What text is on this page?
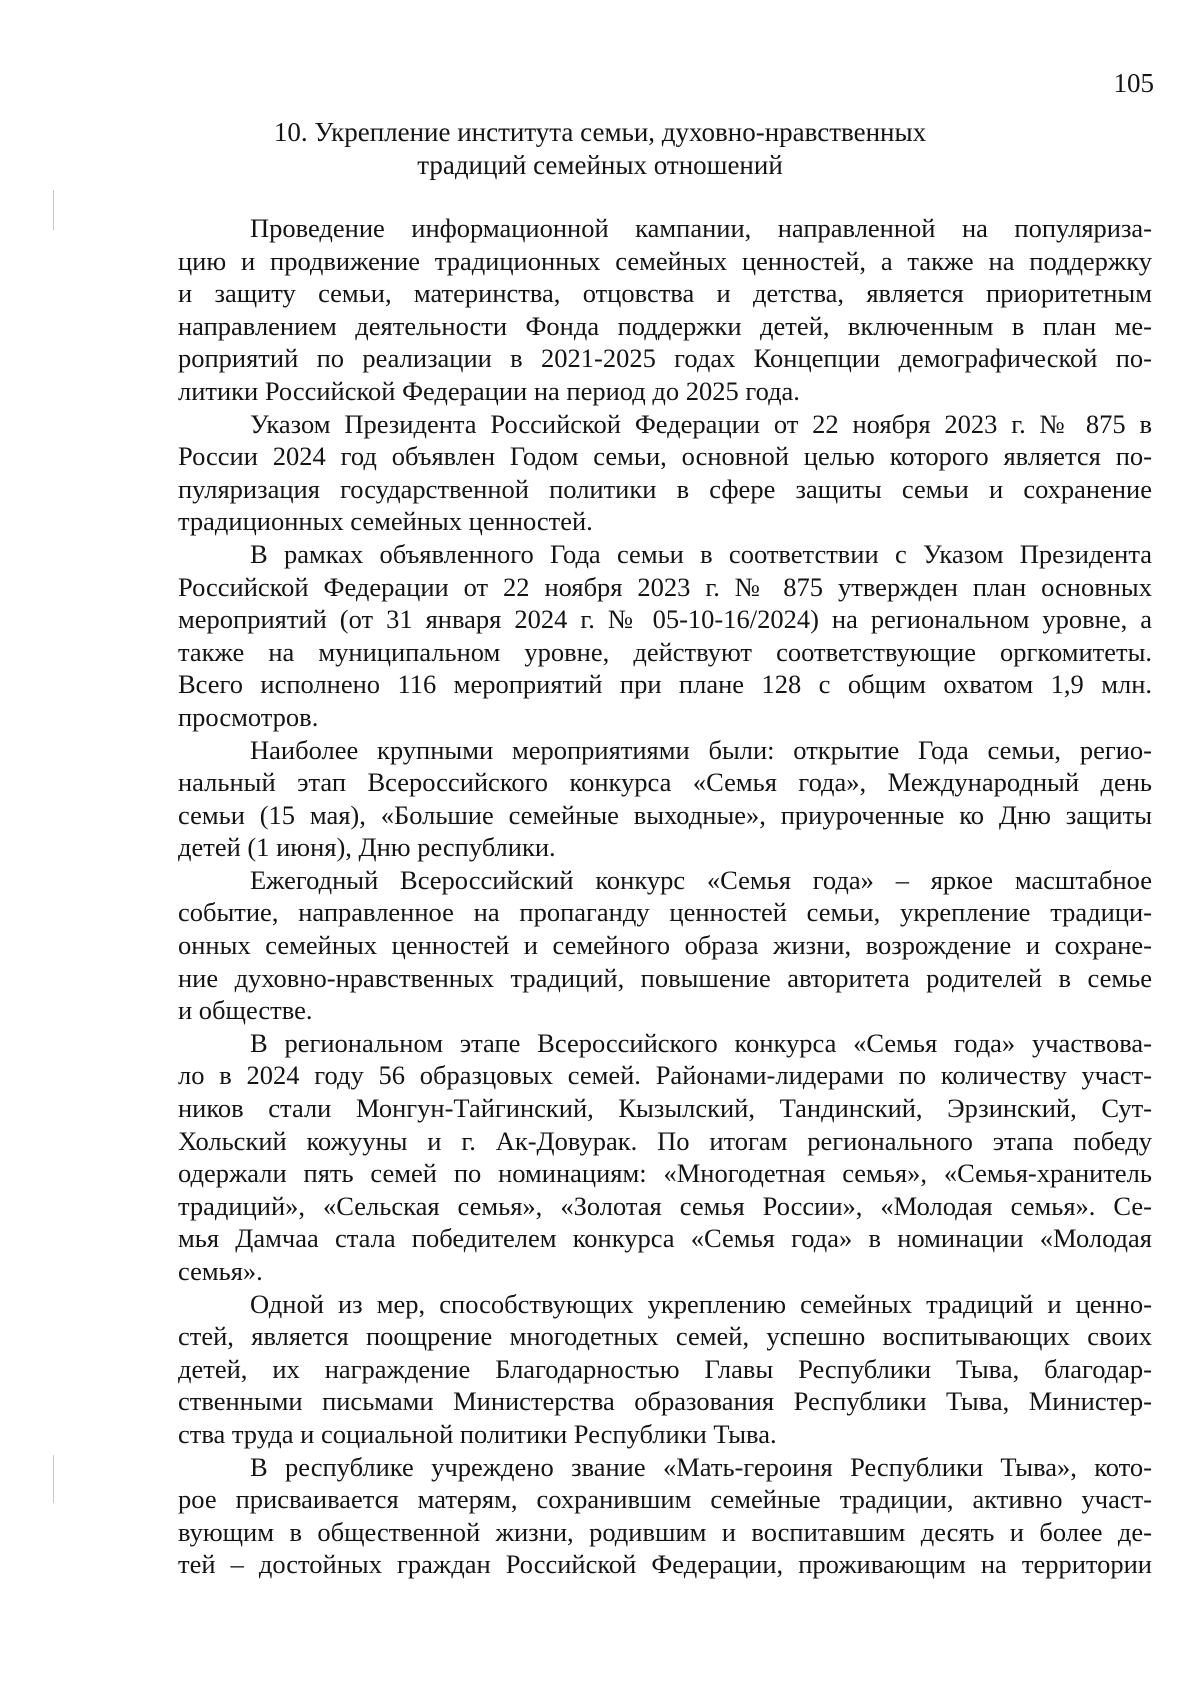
105
10. Укрепление института семьи, духовно-нравственных
традиций семейных отношений
Проведение информационной кампании, направленной на популяриза-
цию и продвижение традиционных семейных ценностей, а также на поддержку
и защиту семьи, материнства, отцовства и детства, является приоритетным
направлением деятельности Фонда поддержки детей, включенным в план ме-
роприятий по реализации в 2021-2025 годах Концепции демографической по-
литики Российской Федерации на период до 2025 года.
Указом Президента Российской Федерации от 22 ноября 2023 г. № 875 в
России 2024 год объявлен Годом семьи, основной целью которого является по-
пуляризация государственной политики в сфере защиты семьи и сохранение
традиционных семейных ценностей.
В рамках объявленного Года семьи в соответствии с Указом Президента
Российской Федерации от 22 ноября 2023 г. № 875 утвержден план основных
мероприятий (от 31 января 2024 г. № 05-10-16/2024) на региональном уровне, а
также на муниципальном уровне, действуют соответствующие оргкомитеты.
Всего исполнено 116 мероприятий при плане 128 с общим охватом 1,9 млн.
просмотров.
Наиболее крупными мероприятиями были: открытие Года семьи, регио-
нальный этап Всероссийского конкурса «Семья года», Международный день
семьи (15 мая), «Большие семейные выходные», приуроченные ко Дню защиты
детей (1 июня), Дню республики.
Ежегодный Всероссийский конкурс «Семья года» – яркое масштабное
событие, направленное на пропаганду ценностей семьи, укрепление традици-
онных семейных ценностей и семейного образа жизни, возрождение и сохране-
ние духовно-нравственных традиций, повышение авторитета родителей в семье
и обществе.
В региональном этапе Всероссийского конкурса «Семья года» участвова-
ло в 2024 году 56 образцовых семей. Районами-лидерами по количеству участ-
ников стали Монгун-Тайгинский, Кызылский, Тандинский, Эрзинский, Сут-
Хольский кожууны и г. Ак-Довурак. По итогам регионального этапа победу
одержали пять семей по номинациям: «Многодетная семья», «Семья-хранитель
традиций», «Сельская семья», «Золотая семья России», «Молодая семья». Се-
мья Дамчаа стала победителем конкурса «Семья года» в номинации «Молодая
семья».
Одной из мер, способствующих укреплению семейных традиций и ценно-
стей, является поощрение многодетных семей, успешно воспитывающих своих
детей, их награждение Благодарностью Главы Республики Тыва, благодар-
ственными письмами Министерства образования Республики Тыва, Министер-
ства труда и социальной политики Республики Тыва.
В республике учреждено звание «Мать-героиня Республики Тыва», кото-
рое присваивается матерям, сохранившим семейные традиции, активно участ-
вующим в общественной жизни, родившим и воспитавшим десять и более де-
тей – достойных граждан Российской Федерации, проживающим на территории
